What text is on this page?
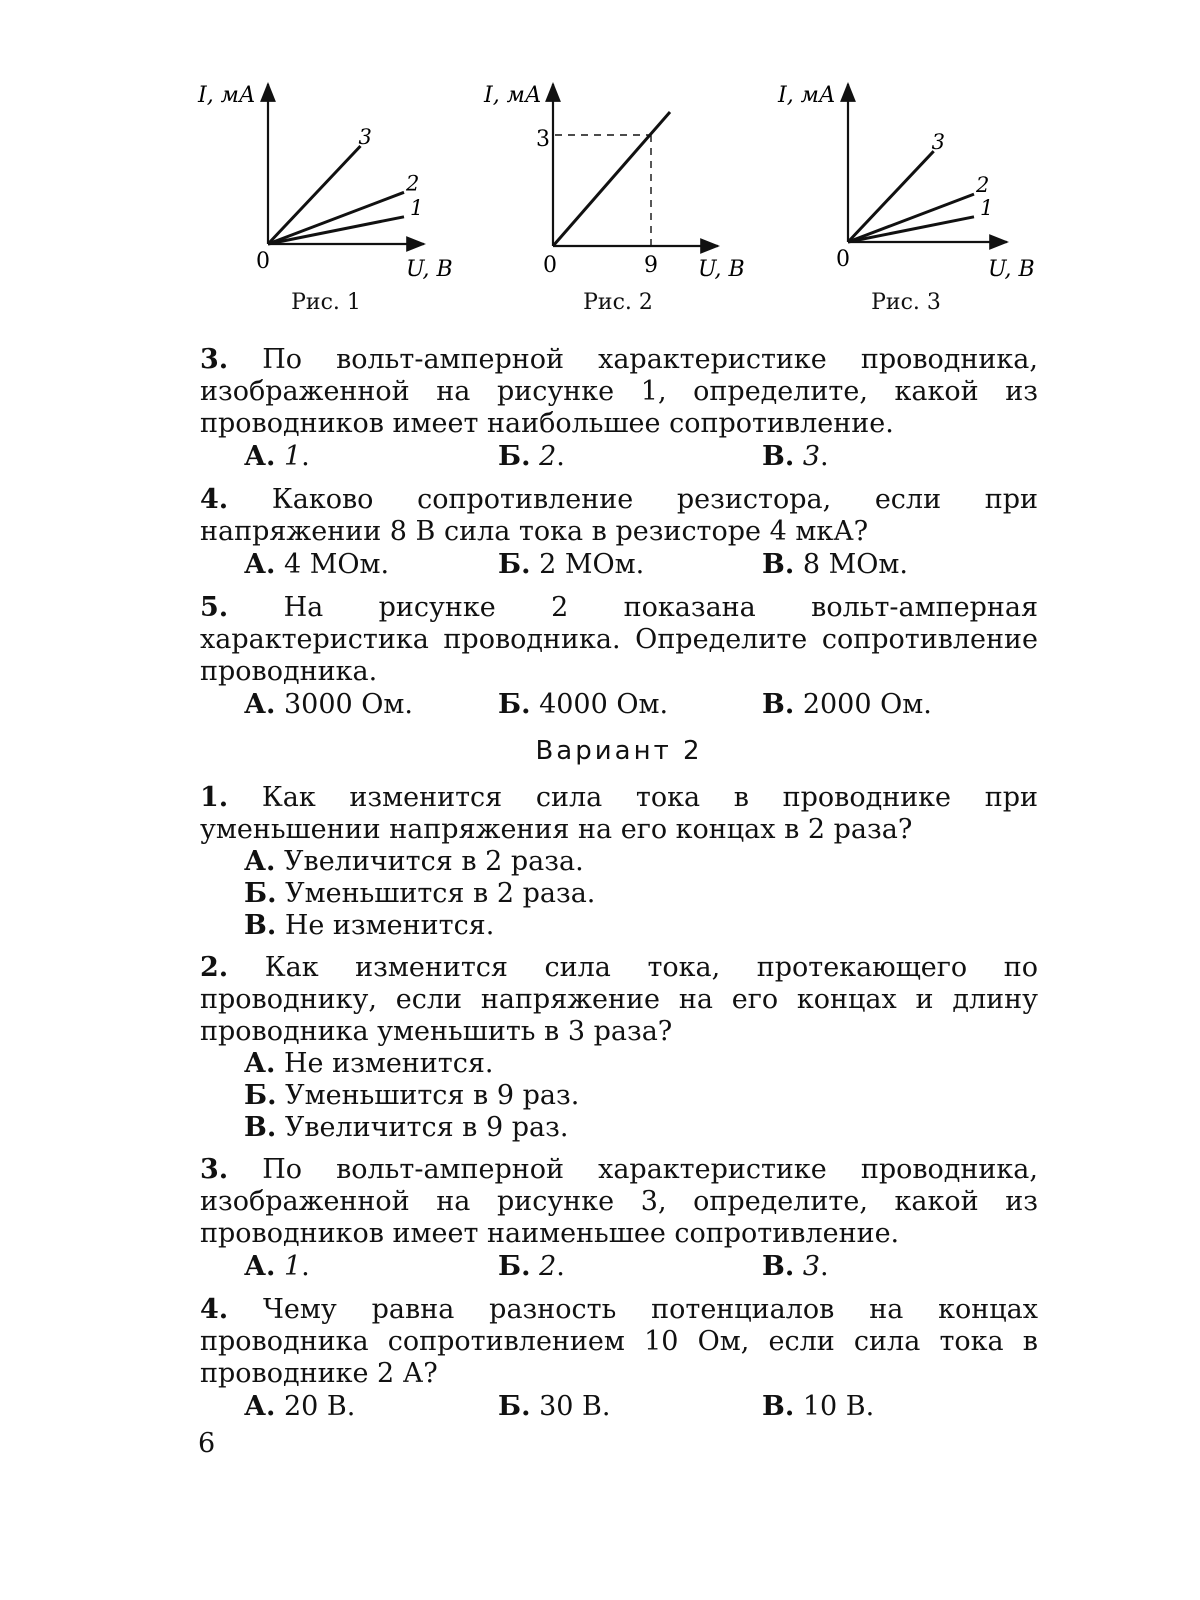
1
2
3
I, мА
0	U, В
I, мА
3
0	9 U, В
1
2
3
I, мА
0	U, В
Рис. 1	Рис. 2	Рис. 3

3. По вольт-амперной характеристике проводника, изображенной на рисунке 1, определите, какой из проводников имеет наибольшее сопротивление.

А. 1.	Б. 2.	В. 3.

4. Каково сопротивление резистора, если при напряжении 8 В сила тока в резисторе 4 мкА?

А. 4 МОм.	Б. 2 МОм.	В. 8 МОм.

5. На рисунке 2 показана вольт-амперная характеристика проводника. Определите сопротивление проводника.

А. 3000 Ом.	Б. 4000 Ом.	В. 2000 Ом.
Вариант 2

1. Как изменится сила тока в проводнике при уменьшении напряжения на его концах в 2 раза?

А. Увеличится в 2 раза.
Б. Уменьшится в 2 раза.
В. Не изменится.

2. Как изменится сила тока, протекающего по проводнику, если напряжение на его концах и длину проводника уменьшить в 3 раза?

А. Не изменится.
Б. Уменьшится в 9 раз.
В. Увеличится в 9 раз.

3. По вольт-амперной характеристике проводника, изображенной на рисунке 3, определите, какой из проводников имеет наименьшее сопротивление.

А. 1.	Б. 2.	В. 3.

4. Чему равна разность потенциалов на концах проводника сопротивлением 10 Ом, если сила тока в проводнике 2 А?

А. 20 В.	Б. 30 В.	В. 10 В.
6
